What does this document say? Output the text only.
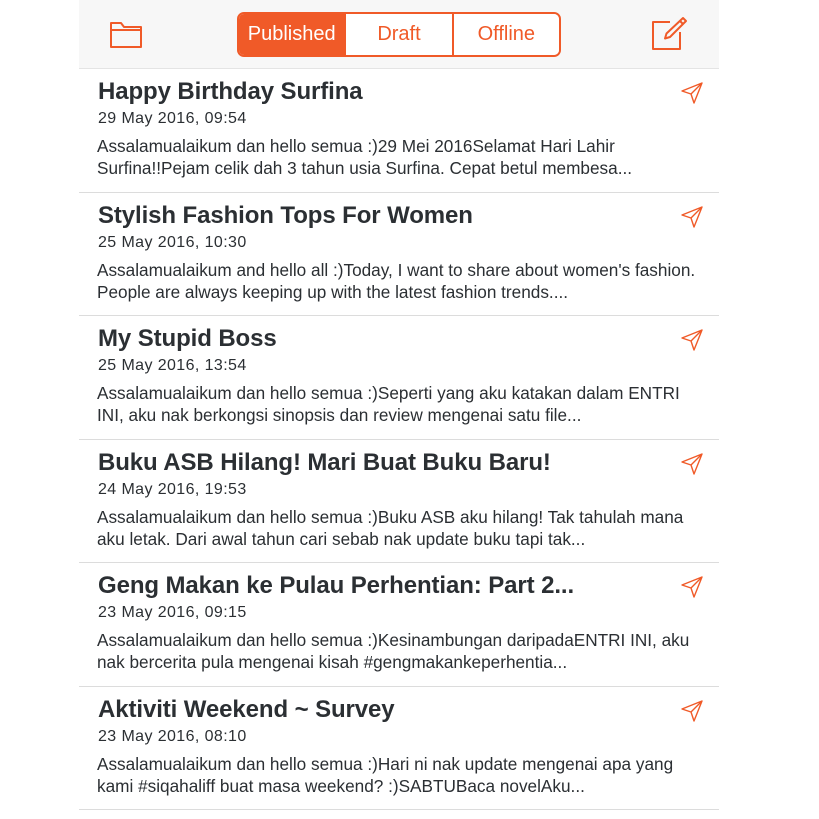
Published	Draft	Offline
Happy Birthday Surfina
29 May 2016, 09:54
Assalamualaikum dan hello semua :)29 Mei 2016Selamat Hari Lahir Surfina!!Pejam celik dah 3 tahun usia Surfina. Cepat betul membesa...
Stylish Fashion Tops For Women
25 May 2016, 10:30
Assalamualaikum and hello all :)Today, I want to share about women's fashion. People are always keeping up with the latest fashion trends....
My Stupid Boss
25 May 2016, 13:54
Assalamualaikum dan hello semua :)Seperti yang aku katakan dalam ENTRI INI, aku nak berkongsi sinopsis dan review mengenai satu file...
Buku ASB Hilang! Mari Buat Buku Baru!
24 May 2016, 19:53
Assalamualaikum dan hello semua :)Buku ASB aku hilang! Tak tahulah mana aku letak. Dari awal tahun cari sebab nak update buku tapi tak...
Geng Makan ke Pulau Perhentian: Part 2...
23 May 2016, 09:15
Assalamualaikum dan hello semua :)Kesinambungan daripadaENTRI INI, aku nak bercerita pula mengenai kisah #gengmakankeperhentia...
Aktiviti Weekend ~ Survey
23 May 2016, 08:10
Assalamualaikum dan hello semua :)Hari ni nak update mengenai apa yang kami #siqahaliff buat masa weekend? :)SABTUBaca novelAku...
